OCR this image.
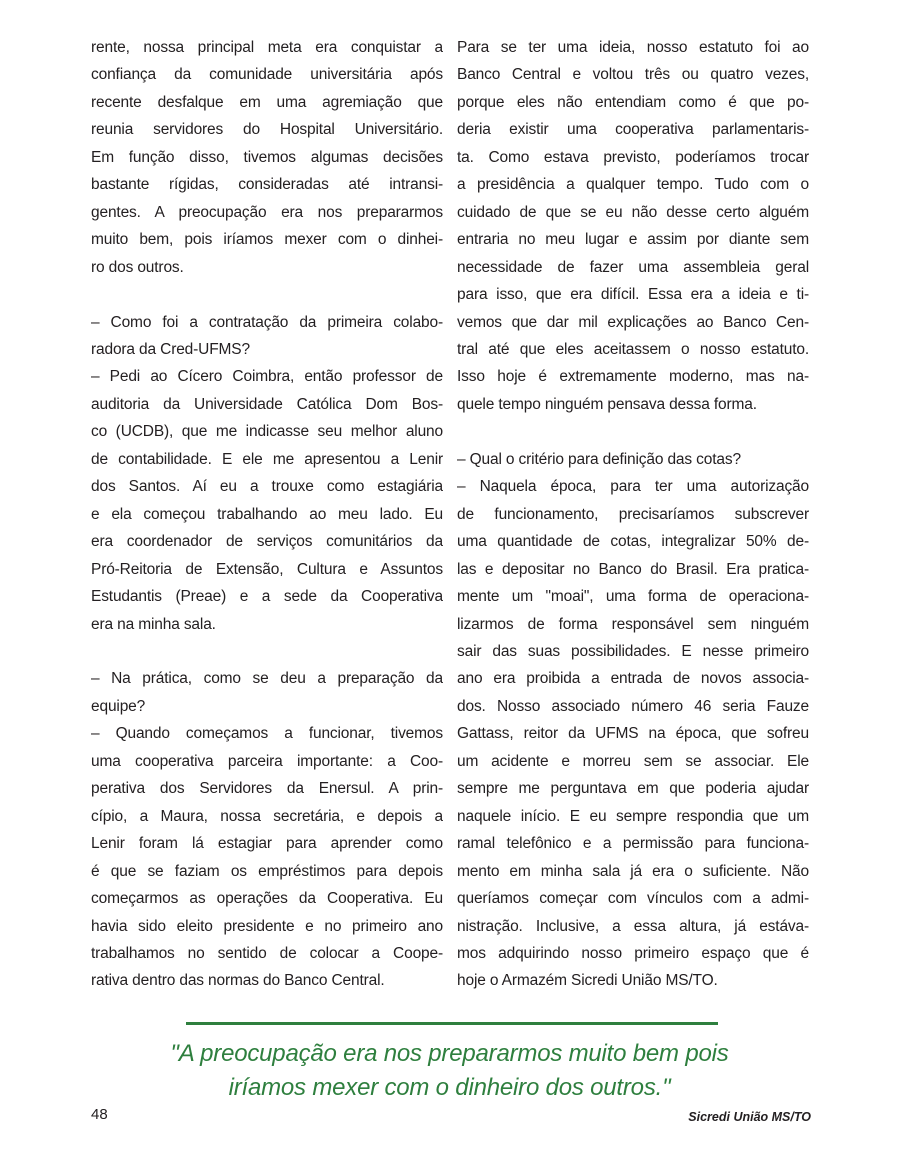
rente, nossa principal meta era conquistar a
confiança da comunidade universitária após
recente desfalque em uma agremiação que
reunia servidores do Hospital Universitário.
Em função disso, tivemos algumas decisões
bastante rígidas, consideradas até intransi-
gentes. A preocupação era nos prepararmos
muito bem, pois iríamos mexer com o dinhei-
ro dos outros.
– Como foi a contratação da primeira colabo-
radora da Cred-UFMS?
– Pedi ao Cícero Coimbra, então professor de
auditoria da Universidade Católica Dom Bos-
co (UCDB), que me indicasse seu melhor aluno
de contabilidade. E ele me apresentou a Lenir
dos Santos. Aí eu a trouxe como estagiária
e ela começou trabalhando ao meu lado. Eu
era coordenador de serviços comunitários da
Pró-Reitoria de Extensão, Cultura e Assuntos
Estudantis (Preae) e a sede da Cooperativa
era na minha sala.
– Na prática, como se deu a preparação da
equipe?
– Quando começamos a funcionar, tivemos
uma cooperativa parceira importante: a Coo-
perativa dos Servidores da Enersul. A prin-
cípio, a Maura, nossa secretária, e depois a
Lenir foram lá estagiar para aprender como
é que se faziam os empréstimos para depois
começarmos as operações da Cooperativa. Eu
havia sido eleito presidente e no primeiro ano
trabalhamos no sentido de colocar a Coope-
rativa dentro das normas do Banco Central.
Para se ter uma ideia, nosso estatuto foi ao
Banco Central e voltou três ou quatro vezes,
porque eles não entendiam como é que po-
deria existir uma cooperativa parlamentaris-
ta. Como estava previsto, poderíamos trocar
a presidência a qualquer tempo. Tudo com o
cuidado de que se eu não desse certo alguém
entraria no meu lugar e assim por diante sem
necessidade de fazer uma assembleia geral
para isso, que era difícil. Essa era a ideia e ti-
vemos que dar mil explicações ao Banco Cen-
tral até que eles aceitassem o nosso estatuto.
Isso hoje é extremamente moderno, mas na-
quele tempo ninguém pensava dessa forma.
– Qual o critério para definição das cotas?
– Naquela época, para ter uma autorização
de funcionamento, precisaríamos subscrever
uma quantidade de cotas, integralizar 50% de-
las e depositar no Banco do Brasil. Era pratica-
mente um "moai", uma forma de operaciona-
lizarmos de forma responsável sem ninguém
sair das suas possibilidades. E nesse primeiro
ano era proibida a entrada de novos associa-
dos. Nosso associado número 46 seria Fauze
Gattass, reitor da UFMS na época, que sofreu
um acidente e morreu sem se associar. Ele
sempre me perguntava em que poderia ajudar
naquele início. E eu sempre respondia que um
ramal telefônico e a permissão para funciona-
mento em minha sala já era o suficiente. Não
queríamos começar com vínculos com a admi-
nistração. Inclusive, a essa altura, já estáva-
mos adquirindo nosso primeiro espaço que é
hoje o Armazém Sicredi União MS/TO.
"A preocupação era nos prepararmos muito bem pois
iríamos mexer com o dinheiro dos outros."
48	Sicredi União MS/TO
